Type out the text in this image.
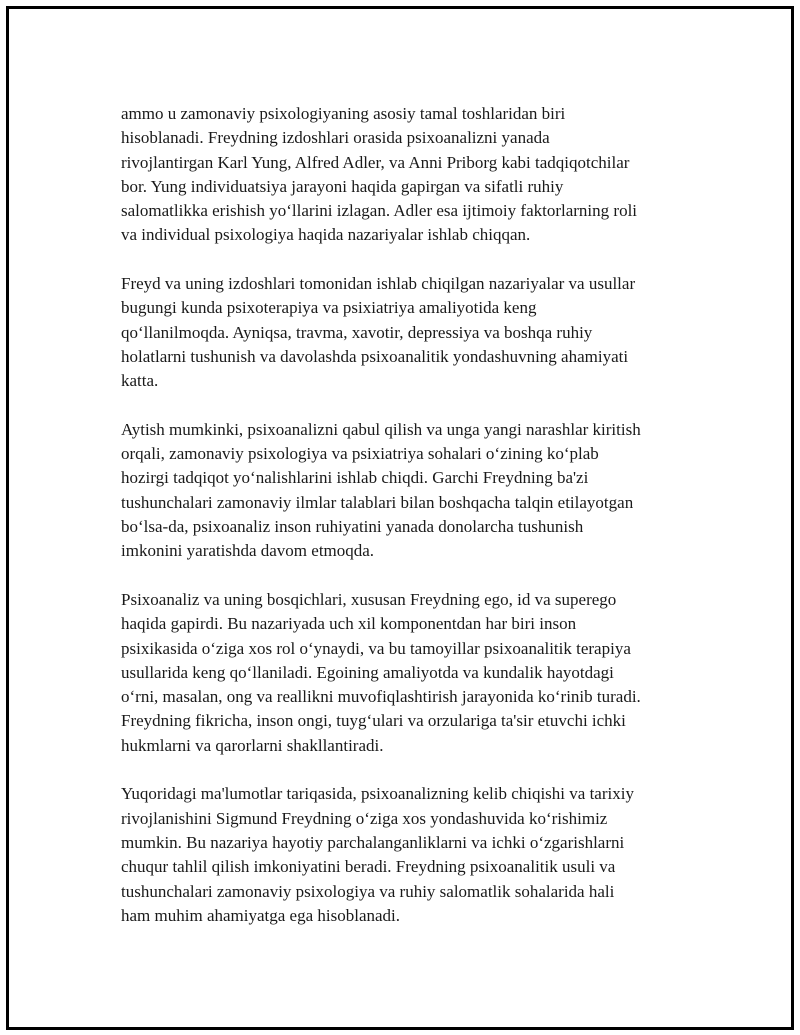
ammo u zamonaviy psixologiyaning asosiy tamal toshlaridan biri
hisoblanadi. Freydning izdoshlari orasida psixoanalizni yanada
rivojlantirgan Karl Yung, Alfred Adler, va Anni Priborg kabi tadqiqotchilar
bor. Yung individuatsiya jarayoni haqida gapirgan va sifatli ruhiy
salomatlikka erishish yo‘llarini izlagan. Adler esa ijtimoiy faktorlarning roli
va individual psixologiya haqida nazariyalar ishlab chiqqan.

Freyd va uning izdoshlari tomonidan ishlab chiqilgan nazariyalar va usullar
bugungi kunda psixoterapiya va psixiatriya amaliyotida keng
qo‘llanilmoqda. Ayniqsa, travma, xavotir, depressiya va boshqa ruhiy
holatlarni tushunish va davolashda psixoanalitik yondashuvning ahamiyati
katta.

Aytish mumkinki, psixoanalizni qabul qilish va unga yangi narashlar kiritish
orqali, zamonaviy psixologiya va psixiatriya sohalari o‘zining ko‘plab
hozirgi tadqiqot yo‘nalishlarini ishlab chiqdi. Garchi Freydning ba'zi
tushunchalari zamonaviy ilmlar talablari bilan boshqacha talqin etilayotgan
bo‘lsa-da, psixoanaliz inson ruhiyatini yanada donolarcha tushunish
imkonini yaratishda davom etmoqda.

Psixoanaliz va uning bosqichlari, xususan Freydning ego, id va superego
haqida gapirdi. Bu nazariyada uch xil komponentdan har biri inson
psixikasida o‘ziga xos rol o‘ynaydi, va bu tamoyillar psixoanalitik terapiya
usullarida keng qo‘llaniladi. Egoining amaliyotda va kundalik hayotdagi
o‘rni, masalan, ong va reallikni muvofiqlashtirish jarayonida ko‘rinib turadi.
Freydning fikricha, inson ongi, tuyg‘ulari va orzulariga ta'sir etuvchi ichki
hukmlarni va qarorlarni shakllantiradi.

Yuqoridagi ma'lumotlar tariqasida, psixoanalizning kelib chiqishi va tarixiy
rivojlanishini Sigmund Freydning o‘ziga xos yondashuvida ko‘rishimiz
mumkin. Bu nazariya hayotiy parchalanganliklarni va ichki o‘zgarishlarni
chuqur tahlil qilish imkoniyatini beradi. Freydning psixoanalitik usuli va
tushunchalari zamonaviy psixologiya va ruhiy salomatlik sohalarida hali
ham muhim ahamiyatga ega hisoblanadi.
